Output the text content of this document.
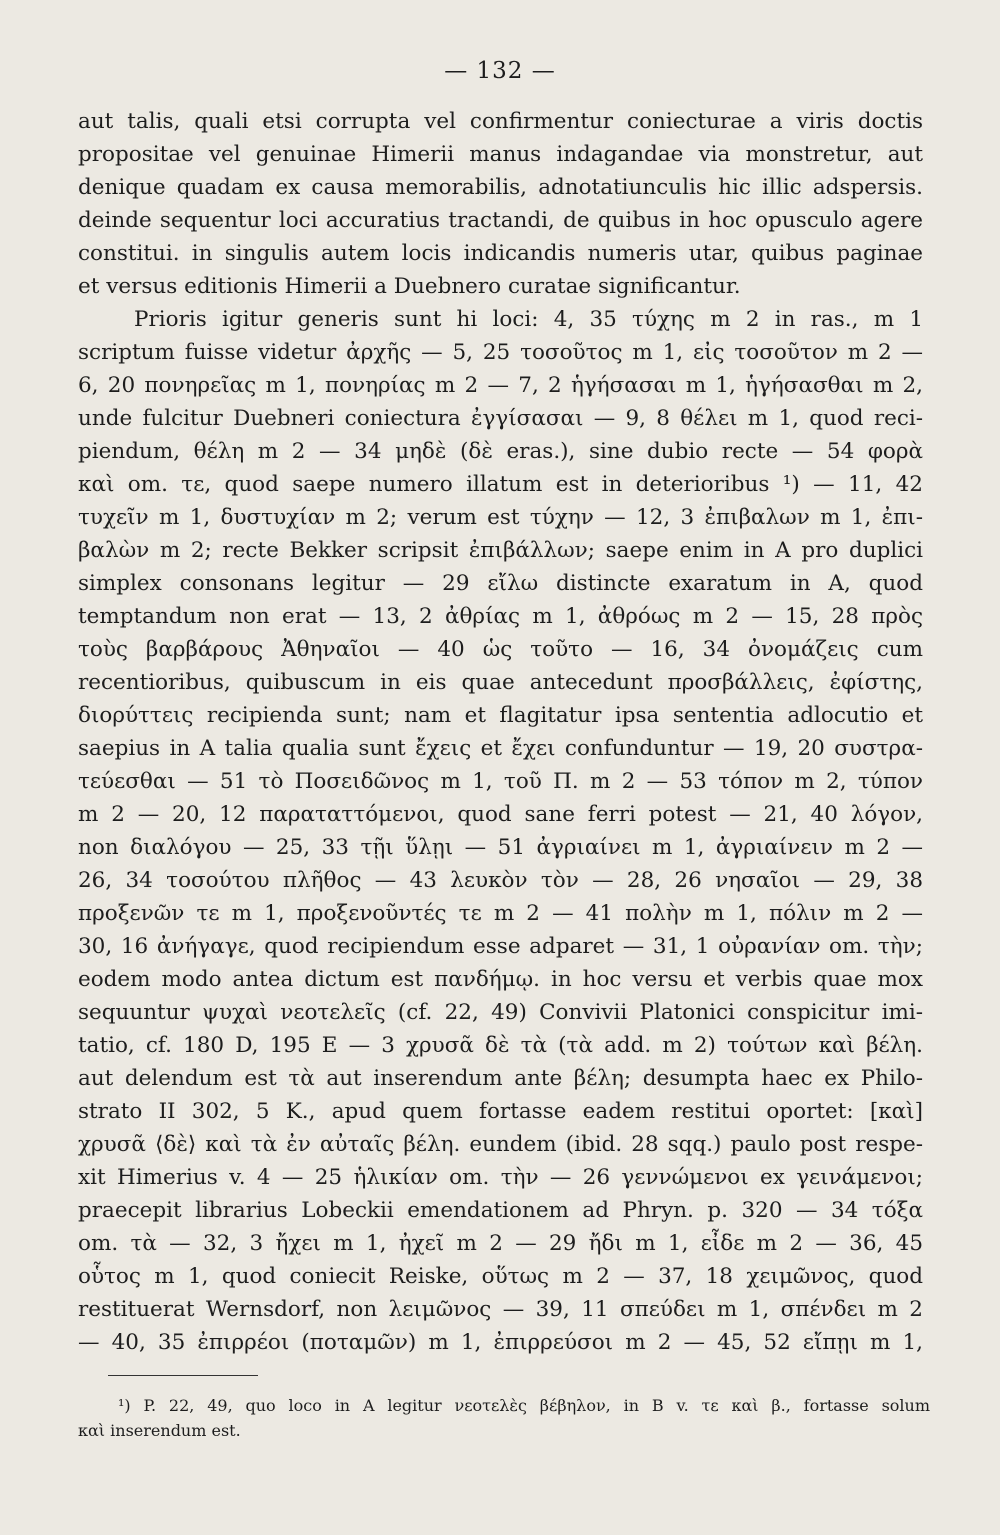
— 132 —
aut talis, quali etsi corrupta vel confirmentur coniecturae a viris doctis
propositae vel genuinae Himerii manus indagandae via monstretur, aut
denique quadam ex causa memorabilis, adnotatiunculis hic illic adspersis.
deinde sequentur loci accuratius tractandi, de quibus in hoc opusculo agere
constitui. in singulis autem locis indicandis numeris utar, quibus paginae
et versus editionis Himerii a Duebnero curatae significantur.
Prioris igitur generis sunt hi loci: 4, 35 τύχης m 2 in ras., m 1
scriptum fuisse videtur ἀρχῆς — 5, 25 τοσοῦτος m 1, εἰς τοσοῦτον m 2 —
6, 20 πονηρεῖας m 1, πονηρίας m 2 — 7, 2 ἡγήσασαι m 1, ἡγήσασθαι m 2,
unde fulcitur Duebneri coniectura ἐγγίσασαι — 9, 8 θέλει m 1, quod reci-
piendum, θέλη m 2 — 34 μηδὲ (δὲ eras.), sine dubio recte — 54 φορὰ
καὶ om. τε, quod saepe numero illatum est in deterioribus ¹) — 11, 42
τυχεῖν m 1, δυστυχίαν m 2; verum est τύχην — 12, 3 ἐπιβαλων m 1, ἐπι-
βαλὼν m 2; recte Bekker scripsit ἐπιβάλλων; saepe enim in A pro duplici
simplex consonans legitur — 29 εἴλω distincte exaratum in A, quod
temptandum non erat — 13, 2 ἀθρίας m 1, ἀθρόως m 2 — 15, 28 πρὸς
τοὺς βαρβάρους Ἀθηναῖοι — 40 ὡς τοῦτο — 16, 34 ὀνομάζεις cum
recentioribus, quibuscum in eis quae antecedunt προσβάλλεις, ἐφίστης,
διορύττεις recipienda sunt; nam et flagitatur ipsa sententia adlocutio et
saepius in A talia qualia sunt ἔχεις et ἔχει confunduntur — 19, 20 συστρα-
τεύεσθαι — 51 τὸ Ποσειδῶνος m 1, τοῦ Π. m 2 — 53 τόπον m 2, τύπον
m 2 — 20, 12 παραταττόμενοι, quod sane ferri potest — 21, 40 λόγον,
non διαλόγου — 25, 33 τῇι ὕλῃι — 51 ἀγριαίνει m 1, ἀγριαίνειν m 2 —
26, 34 τοσούτου πλῆθος — 43 λευκὸν τὸν — 28, 26 νησαῖοι — 29, 38
προξενῶν τε m 1, προξενοῦντές τε m 2 — 41 πολὴν m 1, πόλιν m 2 —
30, 16 ἀνήγαγε, quod recipiendum esse adparet — 31, 1 οὐρανίαν om. τὴν;
eodem modo antea dictum est πανδήμῳ. in hoc versu et verbis quae mox
sequuntur ψυχαὶ νεοτελεῖς (cf. 22, 49) Convivii Platonici conspicitur imi-
tatio, cf. 180 D, 195 E — 3 χρυσᾶ δὲ τὰ (τὰ add. m 2) τούτων καὶ βέλη.
aut delendum est τὰ aut inserendum ante βέλη; desumpta haec ex Philo-
strato II 302, 5 K., apud quem fortasse eadem restitui oportet: [καὶ]
χρυσᾶ ⟨δὲ⟩ καὶ τὰ ἐν αὐταῖς βέλη. eundem (ibid. 28 sqq.) paulo post respe-
xit Himerius v. 4 — 25 ἡλικίαν om. τὴν — 26 γεννώμενοι ex γεινάμενοι;
praecepit librarius Lobeckii emendationem ad Phryn. p. 320 — 34 τόξα
om. τὰ — 32, 3 ἤχει m 1, ἠχεῖ m 2 — 29 ἤδι m 1, εἶδε m 2 — 36, 45
οὗτος m 1, quod coniecit Reiske, οὕτως m 2 — 37, 18 χειμῶνος, quod
restituerat Wernsdorf, non λειμῶνος — 39, 11 σπεύδει m 1, σπένδει m 2
— 40, 35 ἐπιρρέοι (ποταμῶν) m 1, ἐπιρρεύσοι m 2 — 45, 52 εἴπῃι m 1,
¹) P. 22, 49, quo loco in A legitur νεοτελὲς βέβηλον, in B v. τε καὶ β., fortasse solum
καὶ inserendum est.
